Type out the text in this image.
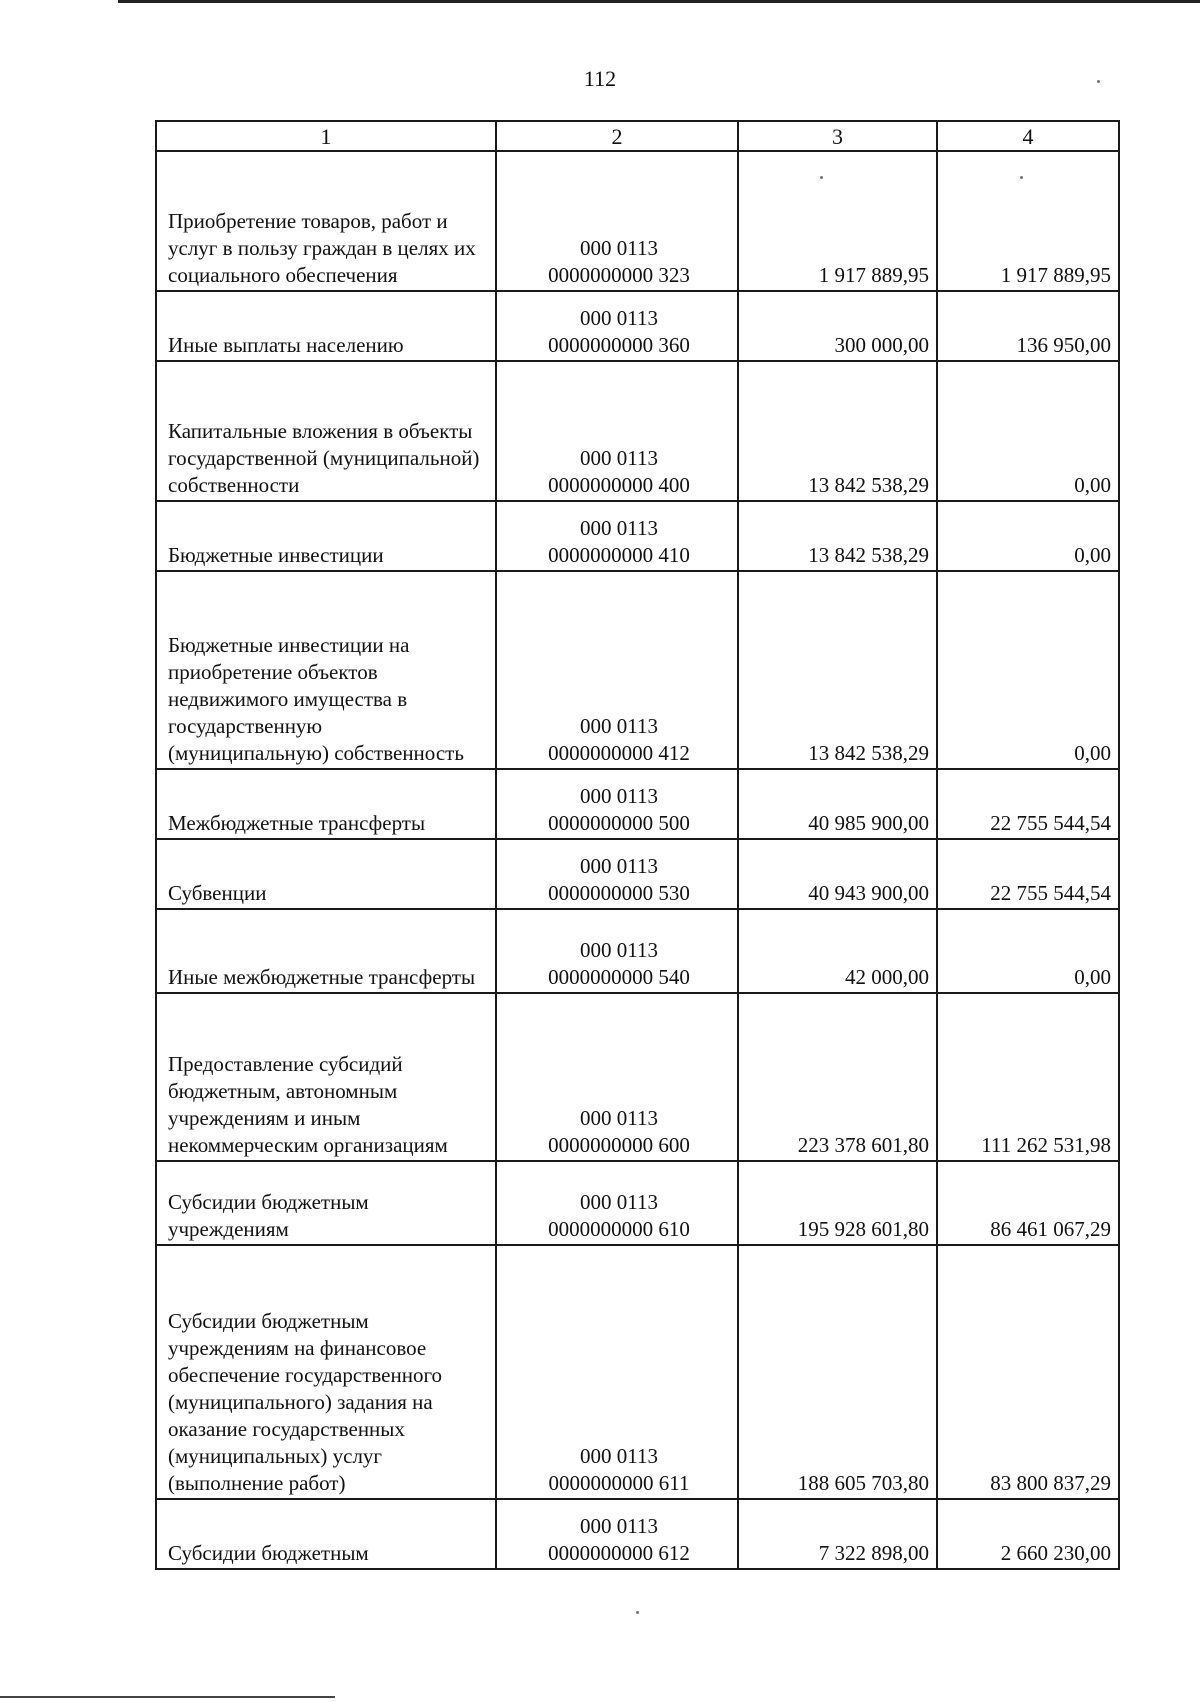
112
1	2	3	4
Приобретение товаров, работ и услуг в пользу граждан в целях их социального обеспечения	000 0113
0000000000 323	1 917 889,95	1 917 889,95
Иные выплаты населению	000 0113
0000000000 360	300 000,00	136 950,00
Капитальные вложения в объекты государственной (муниципальной) собственности	000 0113
0000000000 400	13 842 538,29	0,00
Бюджетные инвестиции	000 0113
0000000000 410	13 842 538,29	0,00
Бюджетные инвестиции на приобретение объектов недвижимого имущества в государственную (муниципальную) собственность	000 0113
0000000000 412	13 842 538,29	0,00
Межбюджетные трансферты	000 0113
0000000000 500	40 985 900,00	22 755 544,54
Субвенции	000 0113
0000000000 530	40 943 900,00	22 755 544,54
Иные межбюджетные трансферты	000 0113
0000000000 540	42 000,00	0,00
Предоставление субсидий бюджетным, автономным учреждениям и иным некоммерческим организациям	000 0113
0000000000 600	223 378 601,80	111 262 531,98
Субсидии бюджетным учреждениям	000 0113
0000000000 610	195 928 601,80	86 461 067,29
Субсидии бюджетным учреждениям на финансовое обеспечение государственного (муниципального) задания на оказание государственных (муниципальных) услуг (выполнение работ)	000 0113
0000000000 611	188 605 703,80	83 800 837,29
Субсидии бюджетным	000 0113
0000000000 612	7 322 898,00	2 660 230,00
